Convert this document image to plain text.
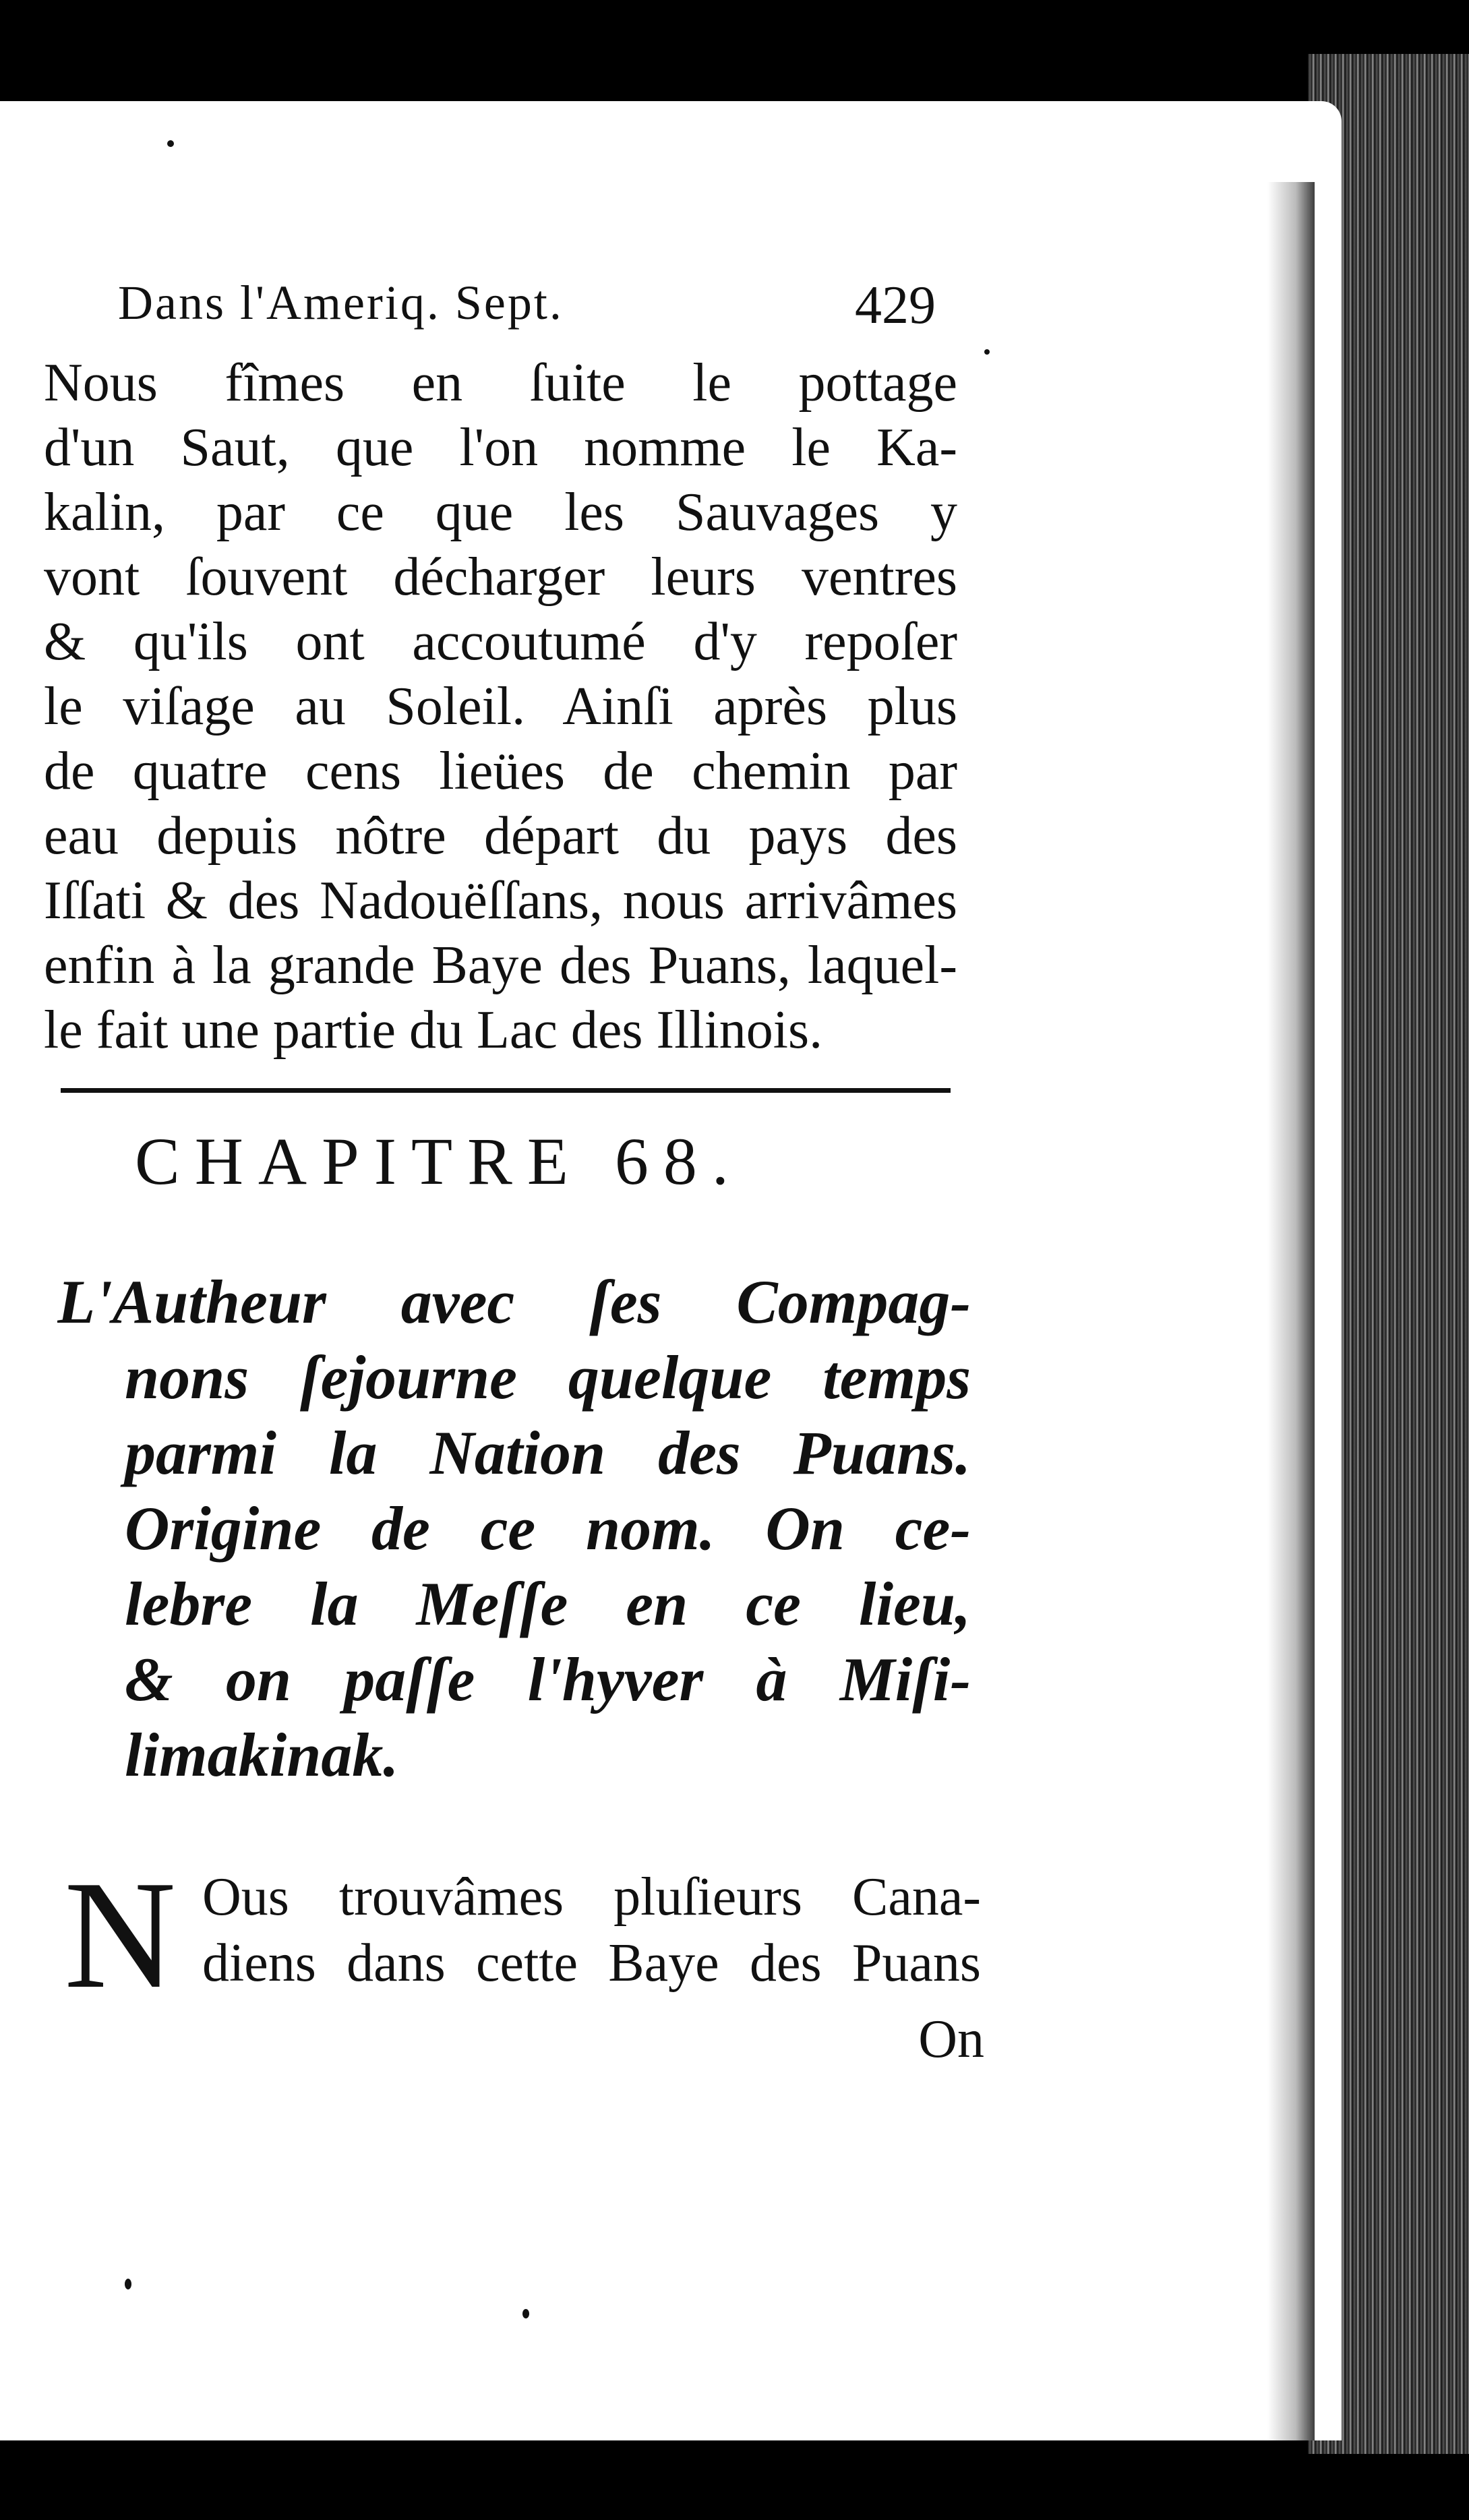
Dans l'Ameriq. Sept.	429
Nous fîmes en ſuite le pottage
d'un Saut, que l'on nomme le Ka-
kalin, par ce que les Sauvages y
vont ſouvent décharger leurs ventres
& qu'ils ont accoutumé d'y repoſer
le viſage au Soleil. Ainſi après plus
de quatre cens lieües de chemin par
eau depuis nôtre départ du pays des
Iſſati & des Nadouëſſans, nous arrivâmes
enfin à la grande Baye des Puans, laquel-
le fait une partie du Lac des Illinois.
CHAPITRE 68.
L'Autheur avec ſes Compag-
nons ſejourne quelque temps
parmi la Nation des Puans.
Origine de ce nom. On ce-
lebre la Meſſe en ce lieu,
& on paſſe l'hyver à Miſi-
limakinak.
N Ous trouvâmes pluſieurs Cana-
diens dans cette Baye des Puans
On
